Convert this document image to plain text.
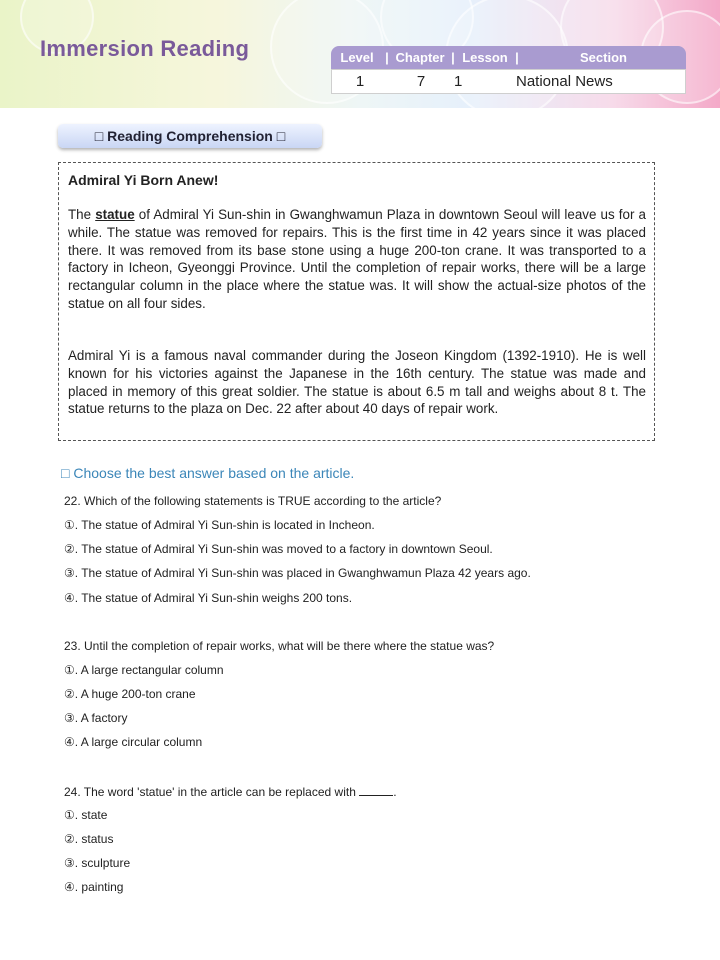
Immersion Reading	Level | Chapter | Lesson |	Section
1	7	1	National News
□ Reading Comprehension □
Admiral Yi Born Anew!
The statue of Admiral Yi Sun-shin in Gwanghwamun Plaza in downtown Seoul will leave us for a while. The statue was removed for repairs. This is the first time in 42 years since it was placed there. It was removed from its base stone using a huge 200-ton crane. It was transported to a factory in Icheon, Gyeonggi Province. Until the completion of repair works, there will be a large rectangular column in the place where the statue was. It will show the actual-size photos of the statue on all four sides.
Admiral Yi is a famous naval commander during the Joseon Kingdom (1392-1910). He is well known for his victories against the Japanese in the 16th century. The statue was made and placed in memory of this great soldier. The statue is about 6.5 m tall and weighs about 8 t. The statue returns to the plaza on Dec. 22 after about 40 days of repair work.
□ Choose the best answer based on the article.
22. Which of the following statements is TRUE according to the article?
①. The statue of Admiral Yi Sun-shin is located in Incheon.
②. The statue of Admiral Yi Sun-shin was moved to a factory in downtown Seoul.
③. The statue of Admiral Yi Sun-shin was placed in Gwanghwamun Plaza 42 years ago.
④. The statue of Admiral Yi Sun-shin weighs 200 tons.
23. Until the completion of repair works, what will be there where the statue was?
①. A large rectangular column
②. A huge 200-ton crane
③. A factory
④. A large circular column
24. The word 'statue' in the article can be replaced with	.
①. state
②. status
③. sculpture
④. painting
